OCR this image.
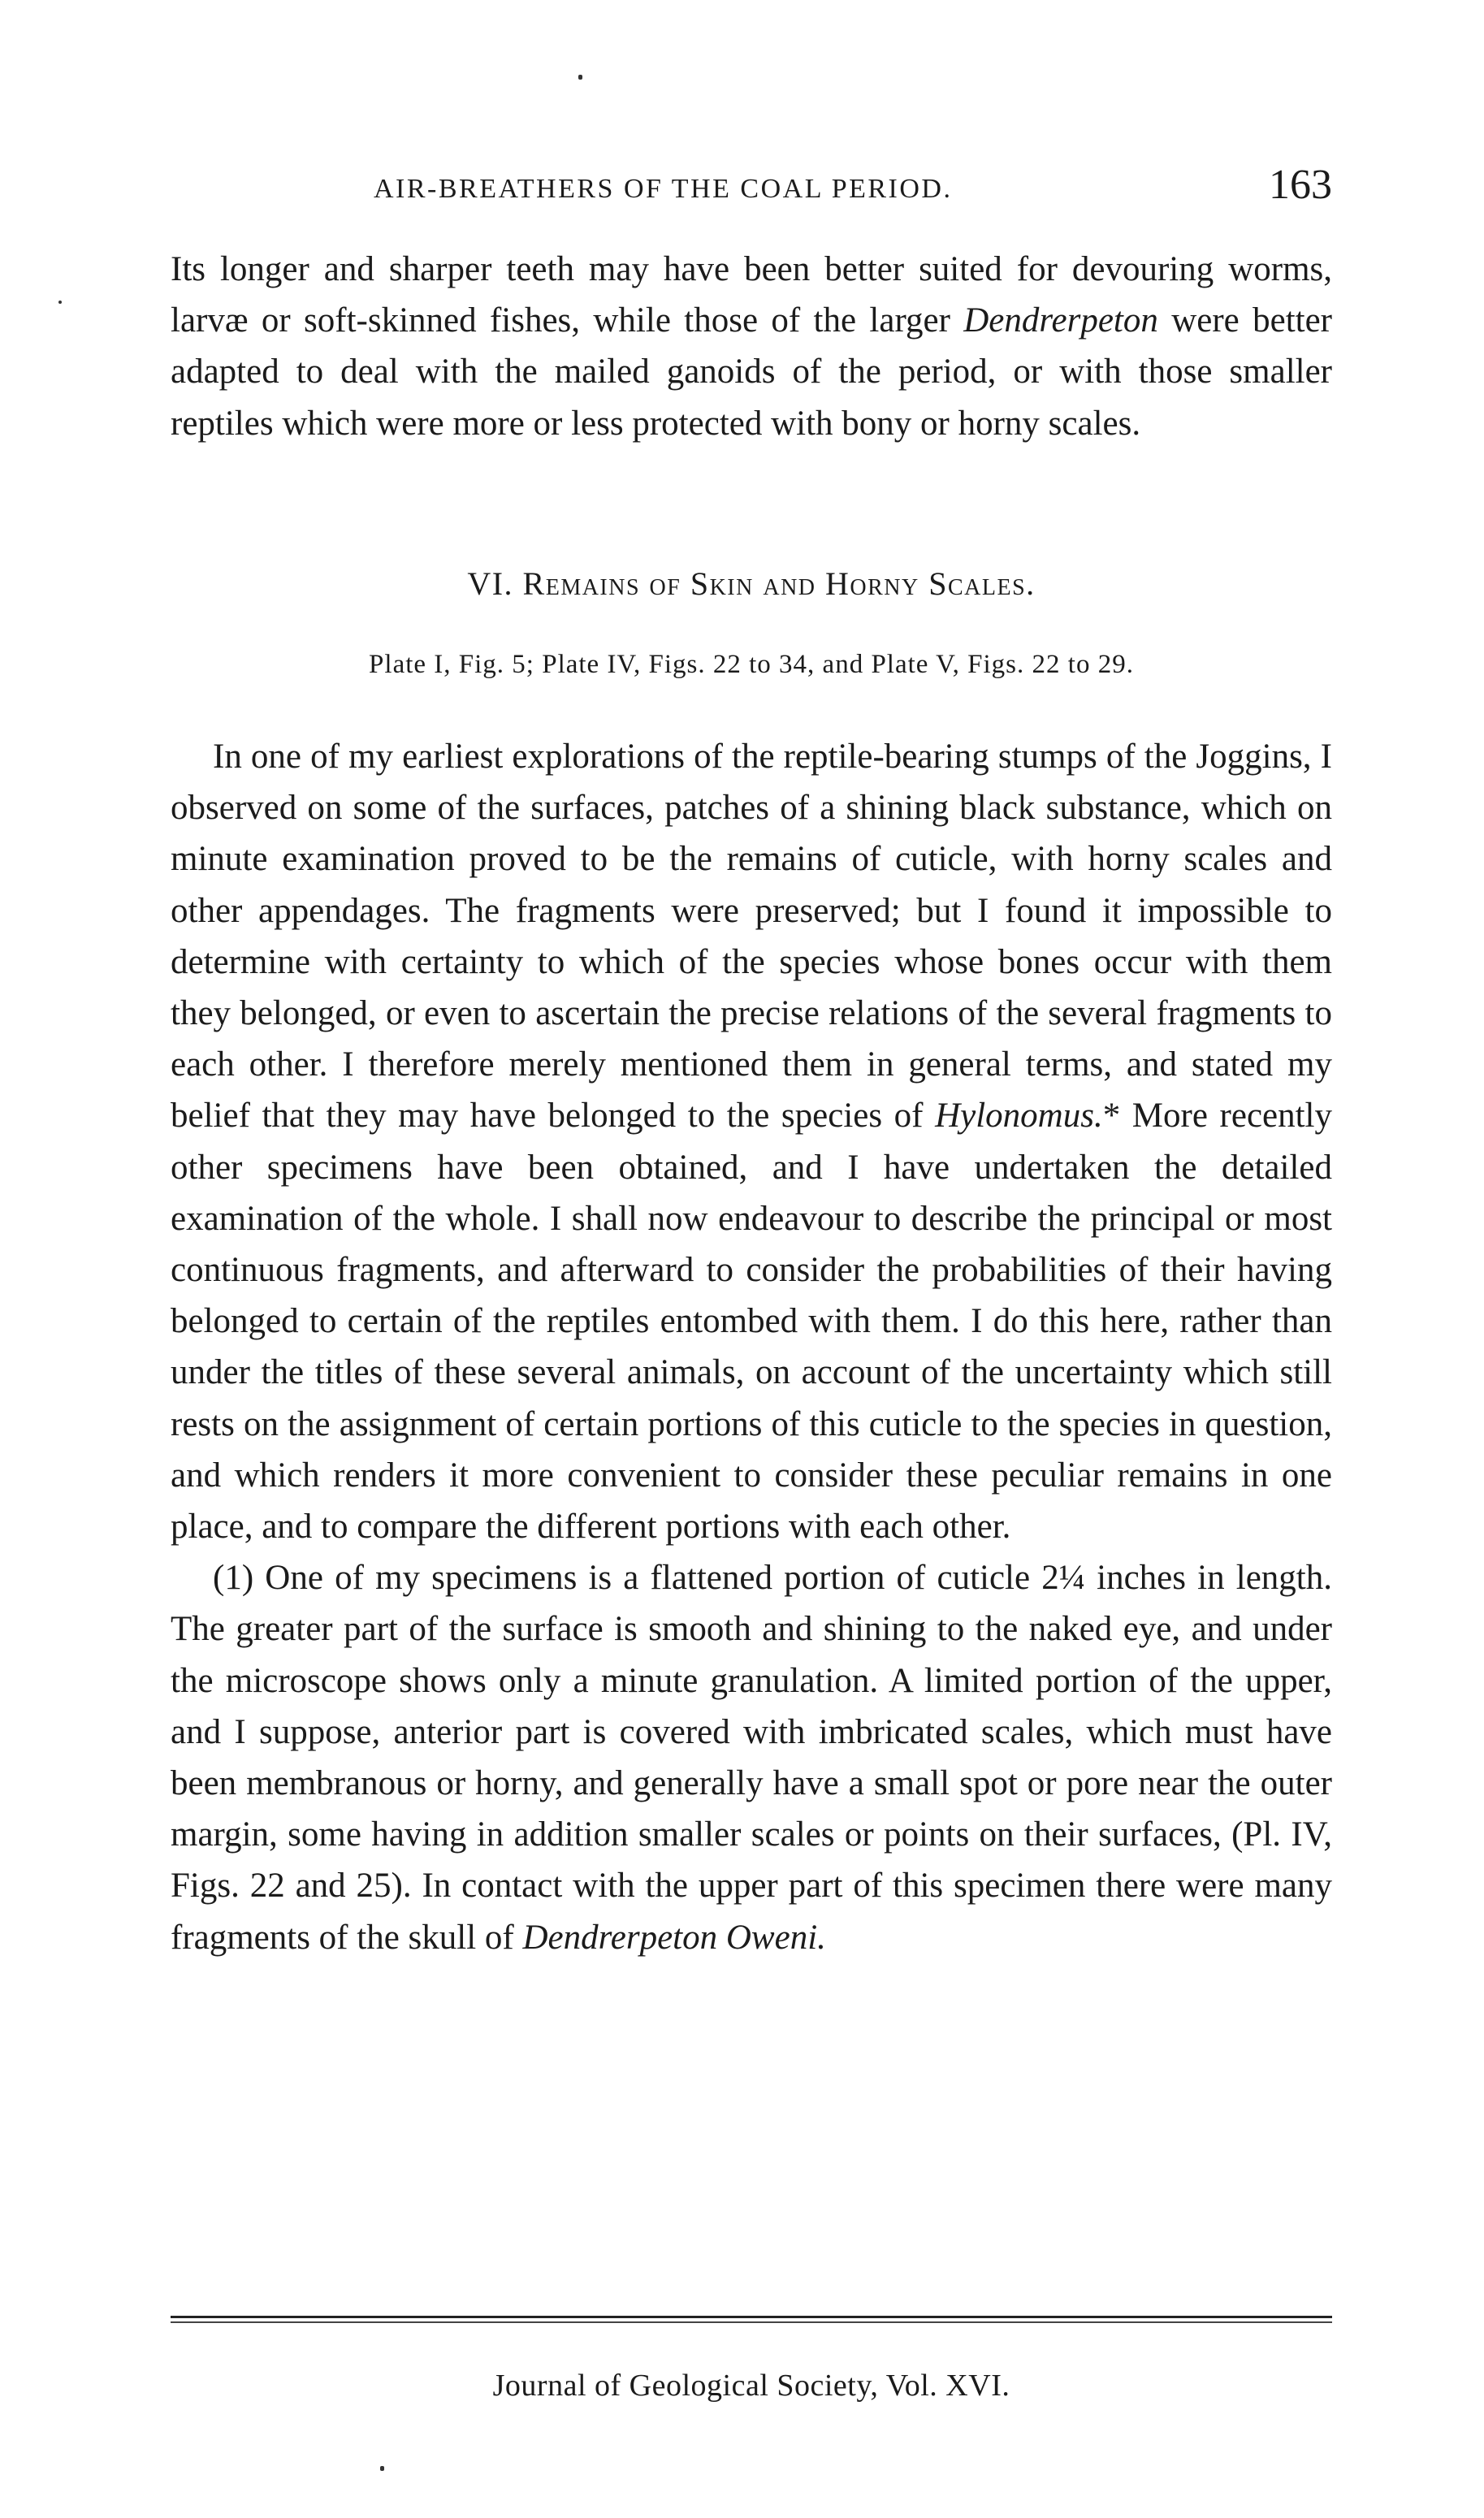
AIR-BREATHERS OF THE COAL PERIOD.	163

Its longer and sharper teeth may have been better suited for devouring worms, larvæ or soft-skinned fishes, while those of the larger Dendrerpeton were better adapted to deal with the mailed ganoids of the period, or with those smaller reptiles which were more or less protected with bony or horny scales.

VI. Remains of Skin and Horny Scales.
Plate I, Fig. 5; Plate IV, Figs. 22 to 34, and Plate V, Figs. 22 to 29.

In one of my earliest explorations of the reptile-bearing stumps of the Joggins, I observed on some of the surfaces, patches of a shining black substance, which on minute examination proved to be the remains of cuticle, with horny scales and other appendages. The fragments were preserved; but I found it impossible to determine with certainty to which of the species whose bones occur with them they belonged, or even to ascertain the precise relations of the several fragments to each other. I therefore merely mentioned them in general terms, and stated my belief that they may have belonged to the species of Hylonomus.* More recently other specimens have been obtained, and I have undertaken the detailed examination of the whole. I shall now endeavour to describe the principal or most continuous fragments, and afterward to consider the probabilities of their having belonged to certain of the reptiles entombed with them. I do this here, rather than under the titles of these several animals, on account of the uncertainty which still rests on the assignment of certain portions of this cuticle to the species in question, and which renders it more convenient to consider these peculiar remains in one place, and to compare the different portions with each other.

(1) One of my specimens is a flattened portion of cuticle 2¼ inches in length. The greater part of the surface is smooth and shining to the naked eye, and under the microscope shows only a minute granulation. A limited portion of the upper, and I suppose, anterior part is covered with imbricated scales, which must have been membranous or horny, and generally have a small spot or pore near the outer margin, some having in addition smaller scales or points on their surfaces, (Pl. IV, Figs. 22 and 25). In contact with the upper part of this specimen there were many fragments of the skull of Dendrerpeton Oweni.

Journal of Geological Society, Vol. XVI.
